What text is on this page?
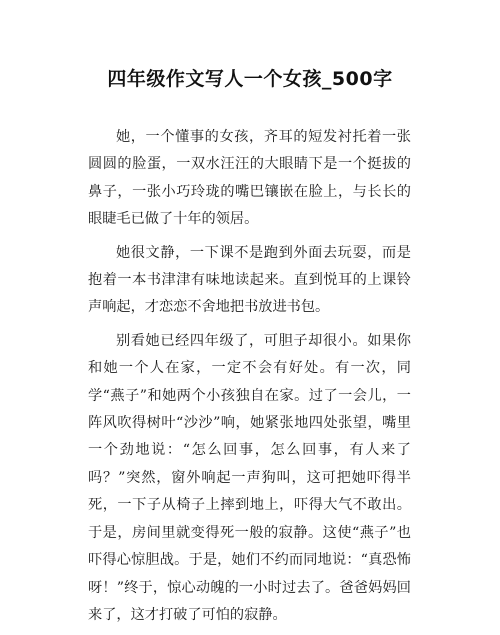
四年级作文写人一个女孩_500字

她，一个懂事的女孩，齐耳的短发衬托着一张圆圆的脸蛋，一双水汪汪的大眼睛下是一个挺拔的鼻子，一张小巧玲珑的嘴巴镶嵌在脸上，与长长的眼睫毛已做了十年的领居。

她很文静，一下课不是跑到外面去玩耍，而是抱着一本书津津有味地读起来。直到悦耳的上课铃声响起，才恋恋不舍地把书放进书包。

别看她已经四年级了，可胆子却很小。如果你和她一个人在家，一定不会有好处。有一次，同学“燕子”和她两个小孩独自在家。过了一会儿，一阵风吹得树叶“沙沙”响，她紧张地四处张望，嘴里一个劲地说：“怎么回事，怎么回事，有人来了吗？”突然，窗外响起一声狗叫，这可把她吓得半死，一下子从椅子上摔到地上，吓得大气不敢出。于是，房间里就变得死一般的寂静。这使“燕子”也吓得心惊胆战。于是，她们不约而同地说：“真恐怖呀！”终于，惊心动魄的一小时过去了。爸爸妈妈回来了，这才打破了可怕的寂静。
